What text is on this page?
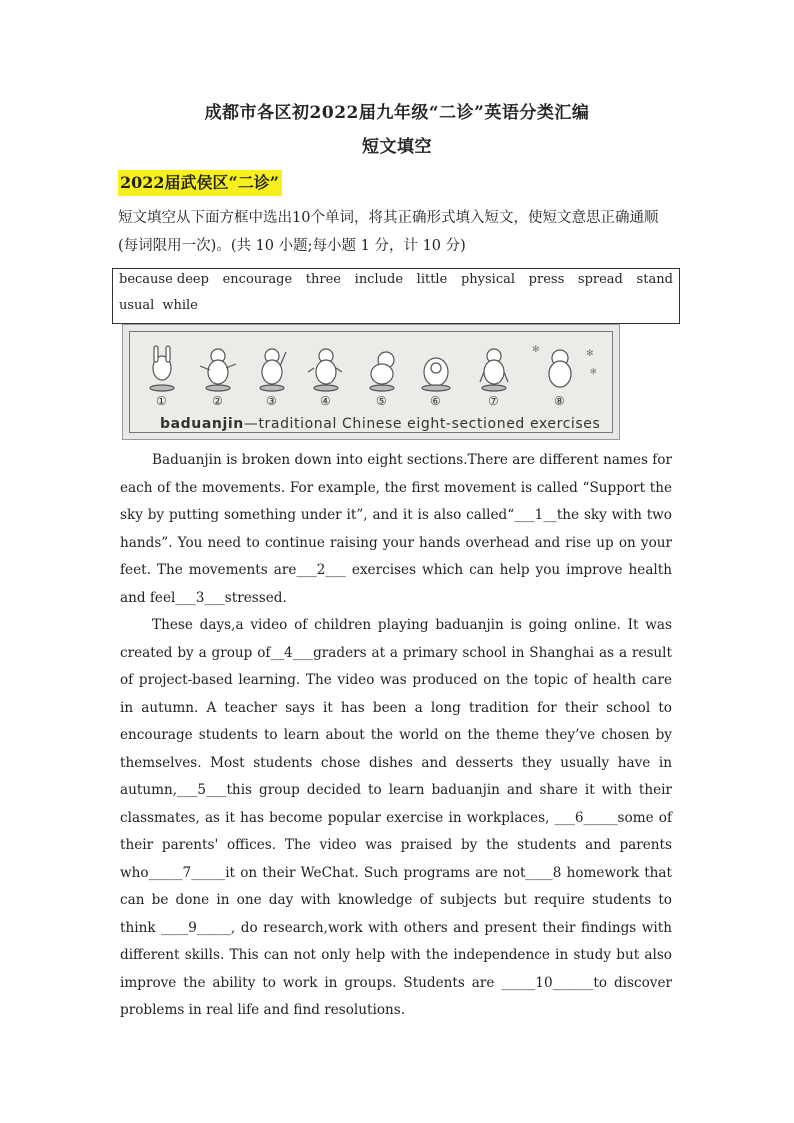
成都市各区初2022届九年级“二诊”英语分类汇编
短文填空
2022届武侯区“二诊”
短文填空从下面方框中选出10个单词，将其正确形式填入短文，使短文意思正确通顺(每词限用一次)。(共 10 小题;每小题 1 分，计 10 分)
because deep encourage three include little physical press spread stand
usual while
✻	✻
✻
①	②	③	④	⑤	⑥	⑦	⑧
baduanjin—traditional Chinese eight-sectioned exercises

Baduanjin is broken down into eight sections.There are different names for each of the movements. For example, the first movement is called “Support the sky by putting something under it”, and it is also called“___1__the sky with two hands”. You need to continue raising your hands overhead and rise up on your feet. The movements are___2___ exercises which can help you improve health and feel___3___stressed.

These days,a video of children playing baduanjin is going online. It was created by a group of__4___graders at a primary school in Shanghai as a result of project-based learning. The video was produced on the topic of health care in autumn. A teacher says it has been a long tradition for their school to encourage students to learn about the world on the theme they’ve chosen by themselves. Most students chose dishes and desserts they usually have in autumn,___5___this group decided to learn baduanjin and share it with their classmates, as it has become popular exercise in workplaces, ___6_____some of their parents' offices. The video was praised by the students and parents who_____7_____it on their WeChat. Such programs are not____8 homework that can be done in one day with knowledge of subjects but require students to think ____9_____, do research,work with others and present their findings with different skills. This can not only help with the independence in study but also improve the ability to work in groups. Students are _____10______to discover problems in real life and find resolutions.
